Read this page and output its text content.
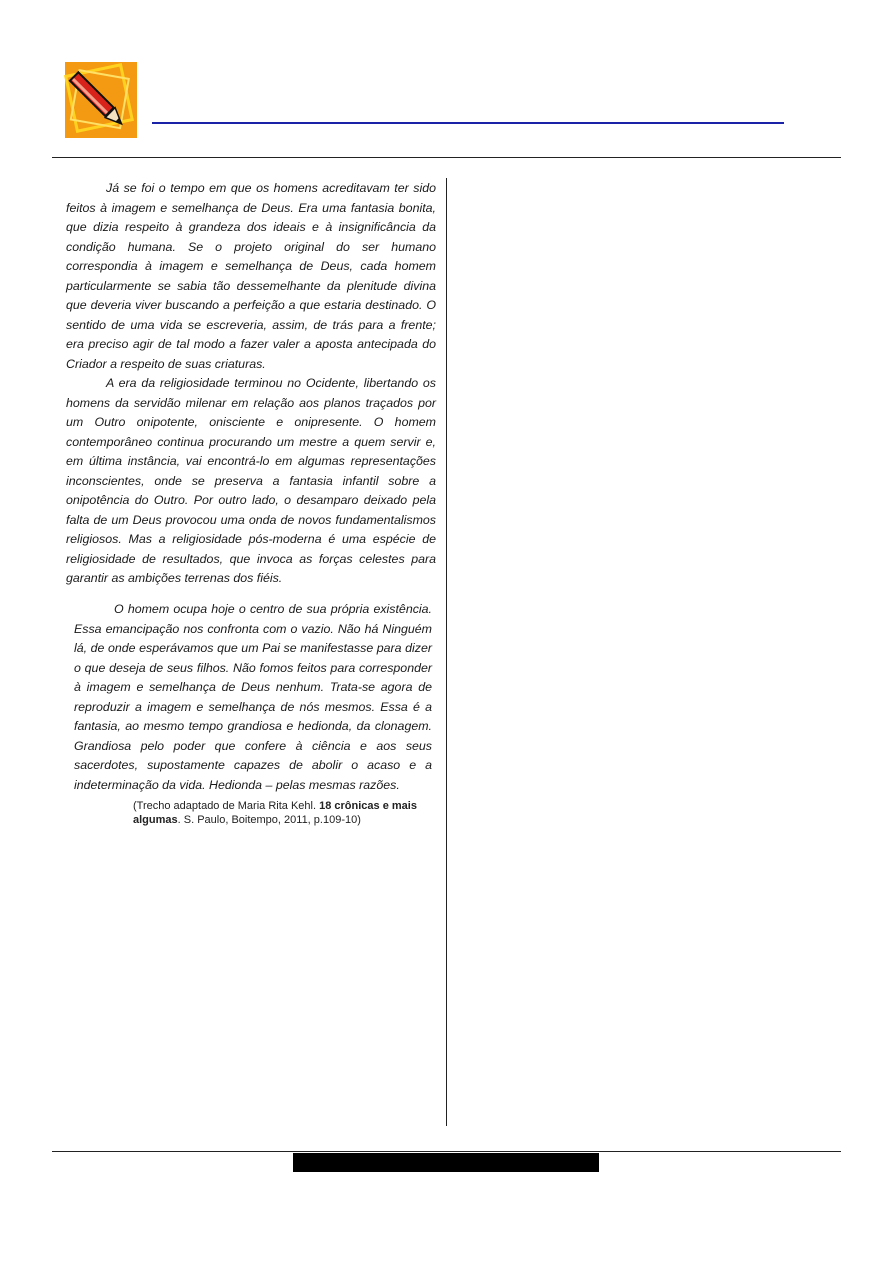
Já se foi o tempo em que os homens acreditavam ter sido feitos à imagem e semelhança de Deus. Era uma fantasia bonita, que dizia respeito à grandeza dos ideais e à insignificância da condição humana. Se o projeto original do ser humano correspondia à imagem e semelhança de Deus, cada homem particularmente se sabia tão dessemelhante da plenitude divina que deveria viver buscando a perfeição a que estaria destinado. O sentido de uma vida se escreveria, assim, de trás para a frente; era preciso agir de tal modo a fazer valer a aposta antecipada do Criador a respeito de suas criaturas.

A era da religiosidade terminou no Ocidente, libertando os homens da servidão milenar em relação aos planos traçados por um Outro onipotente, onisciente e onipresente. O homem contemporâneo continua procurando um mestre a quem servir e, em última instância, vai encontrá-lo em algumas representações inconscientes, onde se preserva a fantasia infantil sobre a onipotência do Outro. Por outro lado, o desamparo deixado pela falta de um Deus provocou uma onda de novos fundamentalismos religiosos. Mas a religiosidade pós-moderna é uma espécie de religiosidade de resultados, que invoca as forças celestes para garantir as ambições terrenas dos fiéis.

O homem ocupa hoje o centro de sua própria existência. Essa emancipação nos confronta com o vazio. Não há Ninguém lá, de onde esperávamos que um Pai se manifestasse para dizer o que deseja de seus filhos. Não fomos feitos para corresponder à imagem e semelhança de Deus nenhum. Trata-se agora de reproduzir a imagem e semelhança de nós mesmos. Essa é a fantasia, ao mesmo tempo grandiosa e hedionda, da clonagem. Grandiosa pelo poder que confere à ciência e aos seus sacerdotes, supostamente capazes de abolir o acaso e a indeterminação da vida. Hedionda – pelas mesmas razões.

(Trecho adaptado de Maria Rita Kehl. 18 crônicas e mais algumas. S. Paulo, Boitempo, 2011, p.109-10)
